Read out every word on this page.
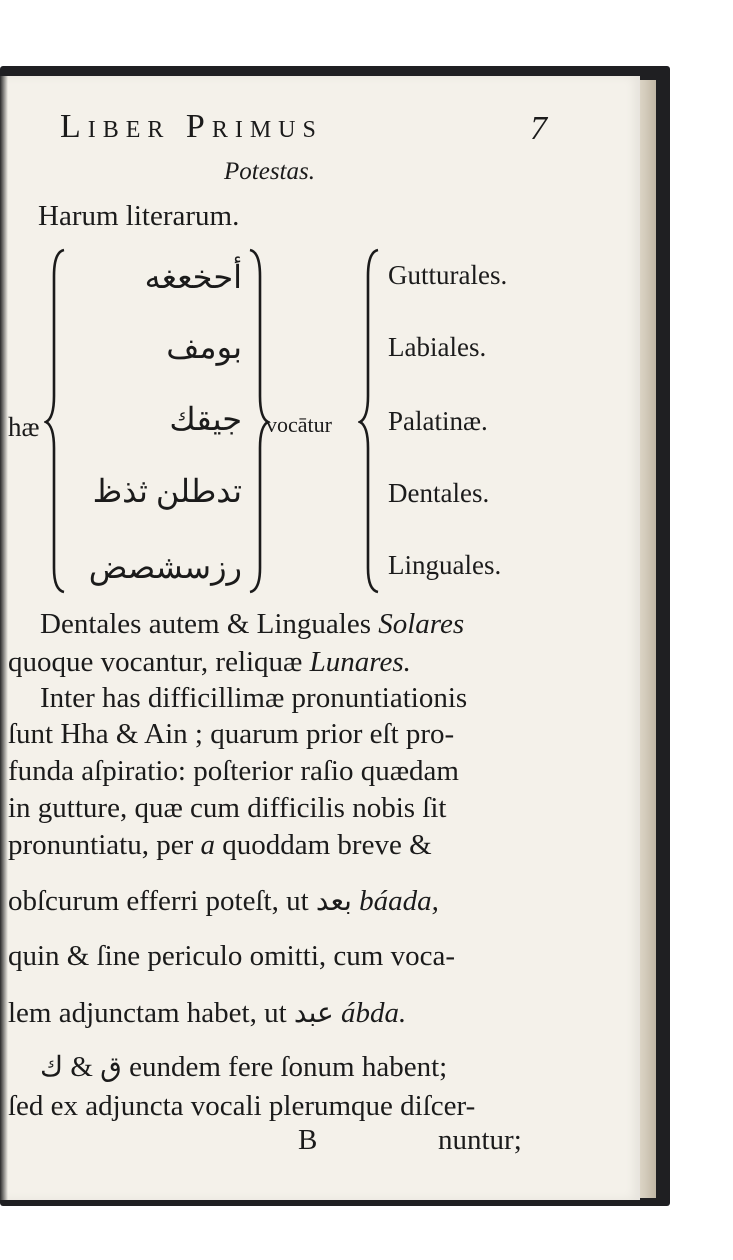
Liber Primus	7
Potestas.
Harum literarum.
hæ
أحخعغه
بومف
جيقك
تدطلن ثذظ
رزسشصض
vocātur
Gutturales.
Labiales.
Palatinæ.
Dentales.
Linguales.
Dentales autem & Linguales Solares
quoque vocantur, reliquæ Lunares.
Inter has difficillimæ pronuntiationis
ſunt Hha & Ain ; quarum prior eſt pro-
funda aſpiratio: poſterior raſio quædam
in gutture, quæ cum difficilis nobis ſit
pronuntiatu, per a quoddam breve &
obſcurum efferri poteſt, ut بعد báada,
quin & ſine periculo omitti, cum voca-
lem adjunctam habet, ut عبد ábda.
ق & ك eundem fere ſonum habent;
ſed ex adjuncta vocali plerumque diſcer-
B	nuntur;
